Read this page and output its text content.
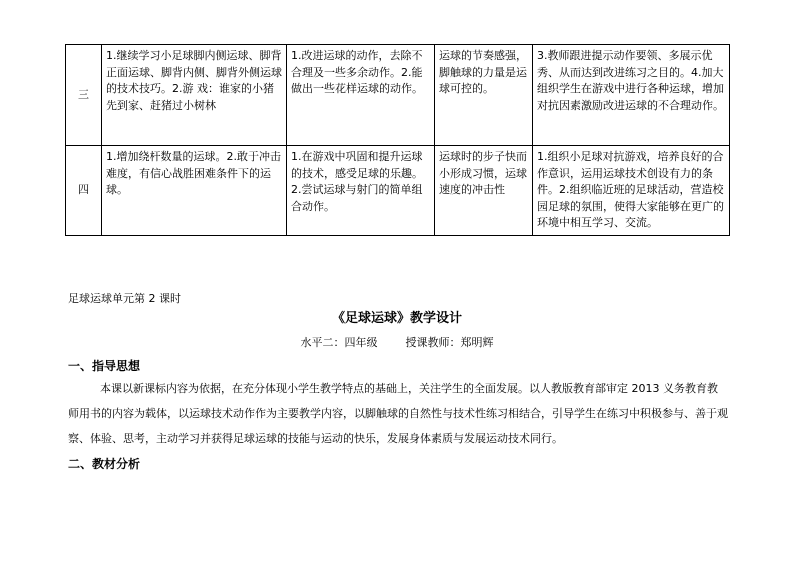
三	1.继续学习小足球脚内侧运球、脚背正面运球、脚背内侧、脚背外侧运球的技术技巧。2.游 戏：谁家的小猪先到家、赶猪过小树林	1.改进运球的动作，去除不合理及一些多余动作。2.能做出一些花样运球的动作。	运球的节奏感强，脚触球的力量是运球可控的。	3.教师跟进提示动作要领、多展示优秀、从而达到改进练习之目的。4.加大组织学生在游戏中进行各种运球，增加对抗因素激励改进运球的不合理动作。
四	1.增加绕杆数量的运球。2.敢于冲击难度，有信心战胜困难条件下的运球。	1.在游戏中巩固和提升运球的技术，感受足球的乐趣。2.尝试运球与射门的简单组合动作。	运球时的步子快而小形成习惯，运球速度的冲击性	1.组织小足球对抗游戏，培养良好的合作意识，运用运球技术创设有力的条件。2.组织临近班的足球活动，营造校园足球的氛围，使得大家能够在更广的环境中相互学习、交流。
足球运球单元第 2 课时
《足球运球》教学设计
水平二：四年级	授课教师：郑明辉
一、指导思想
本课以新课标内容为依据，在充分体现小学生教学特点的基础上，关注学生的全面发展。以人教版教育部审定 2013 义务教育教师用书的内容为载体，以运球技术动作作为主要教学内容，以脚触球的自然性与技术性练习相结合，引导学生在练习中积极参与、善于观察、体验、思考，主动学习并获得足球运球的技能与运动的快乐，发展身体素质与发展运动技术同行。
二、教材分析
